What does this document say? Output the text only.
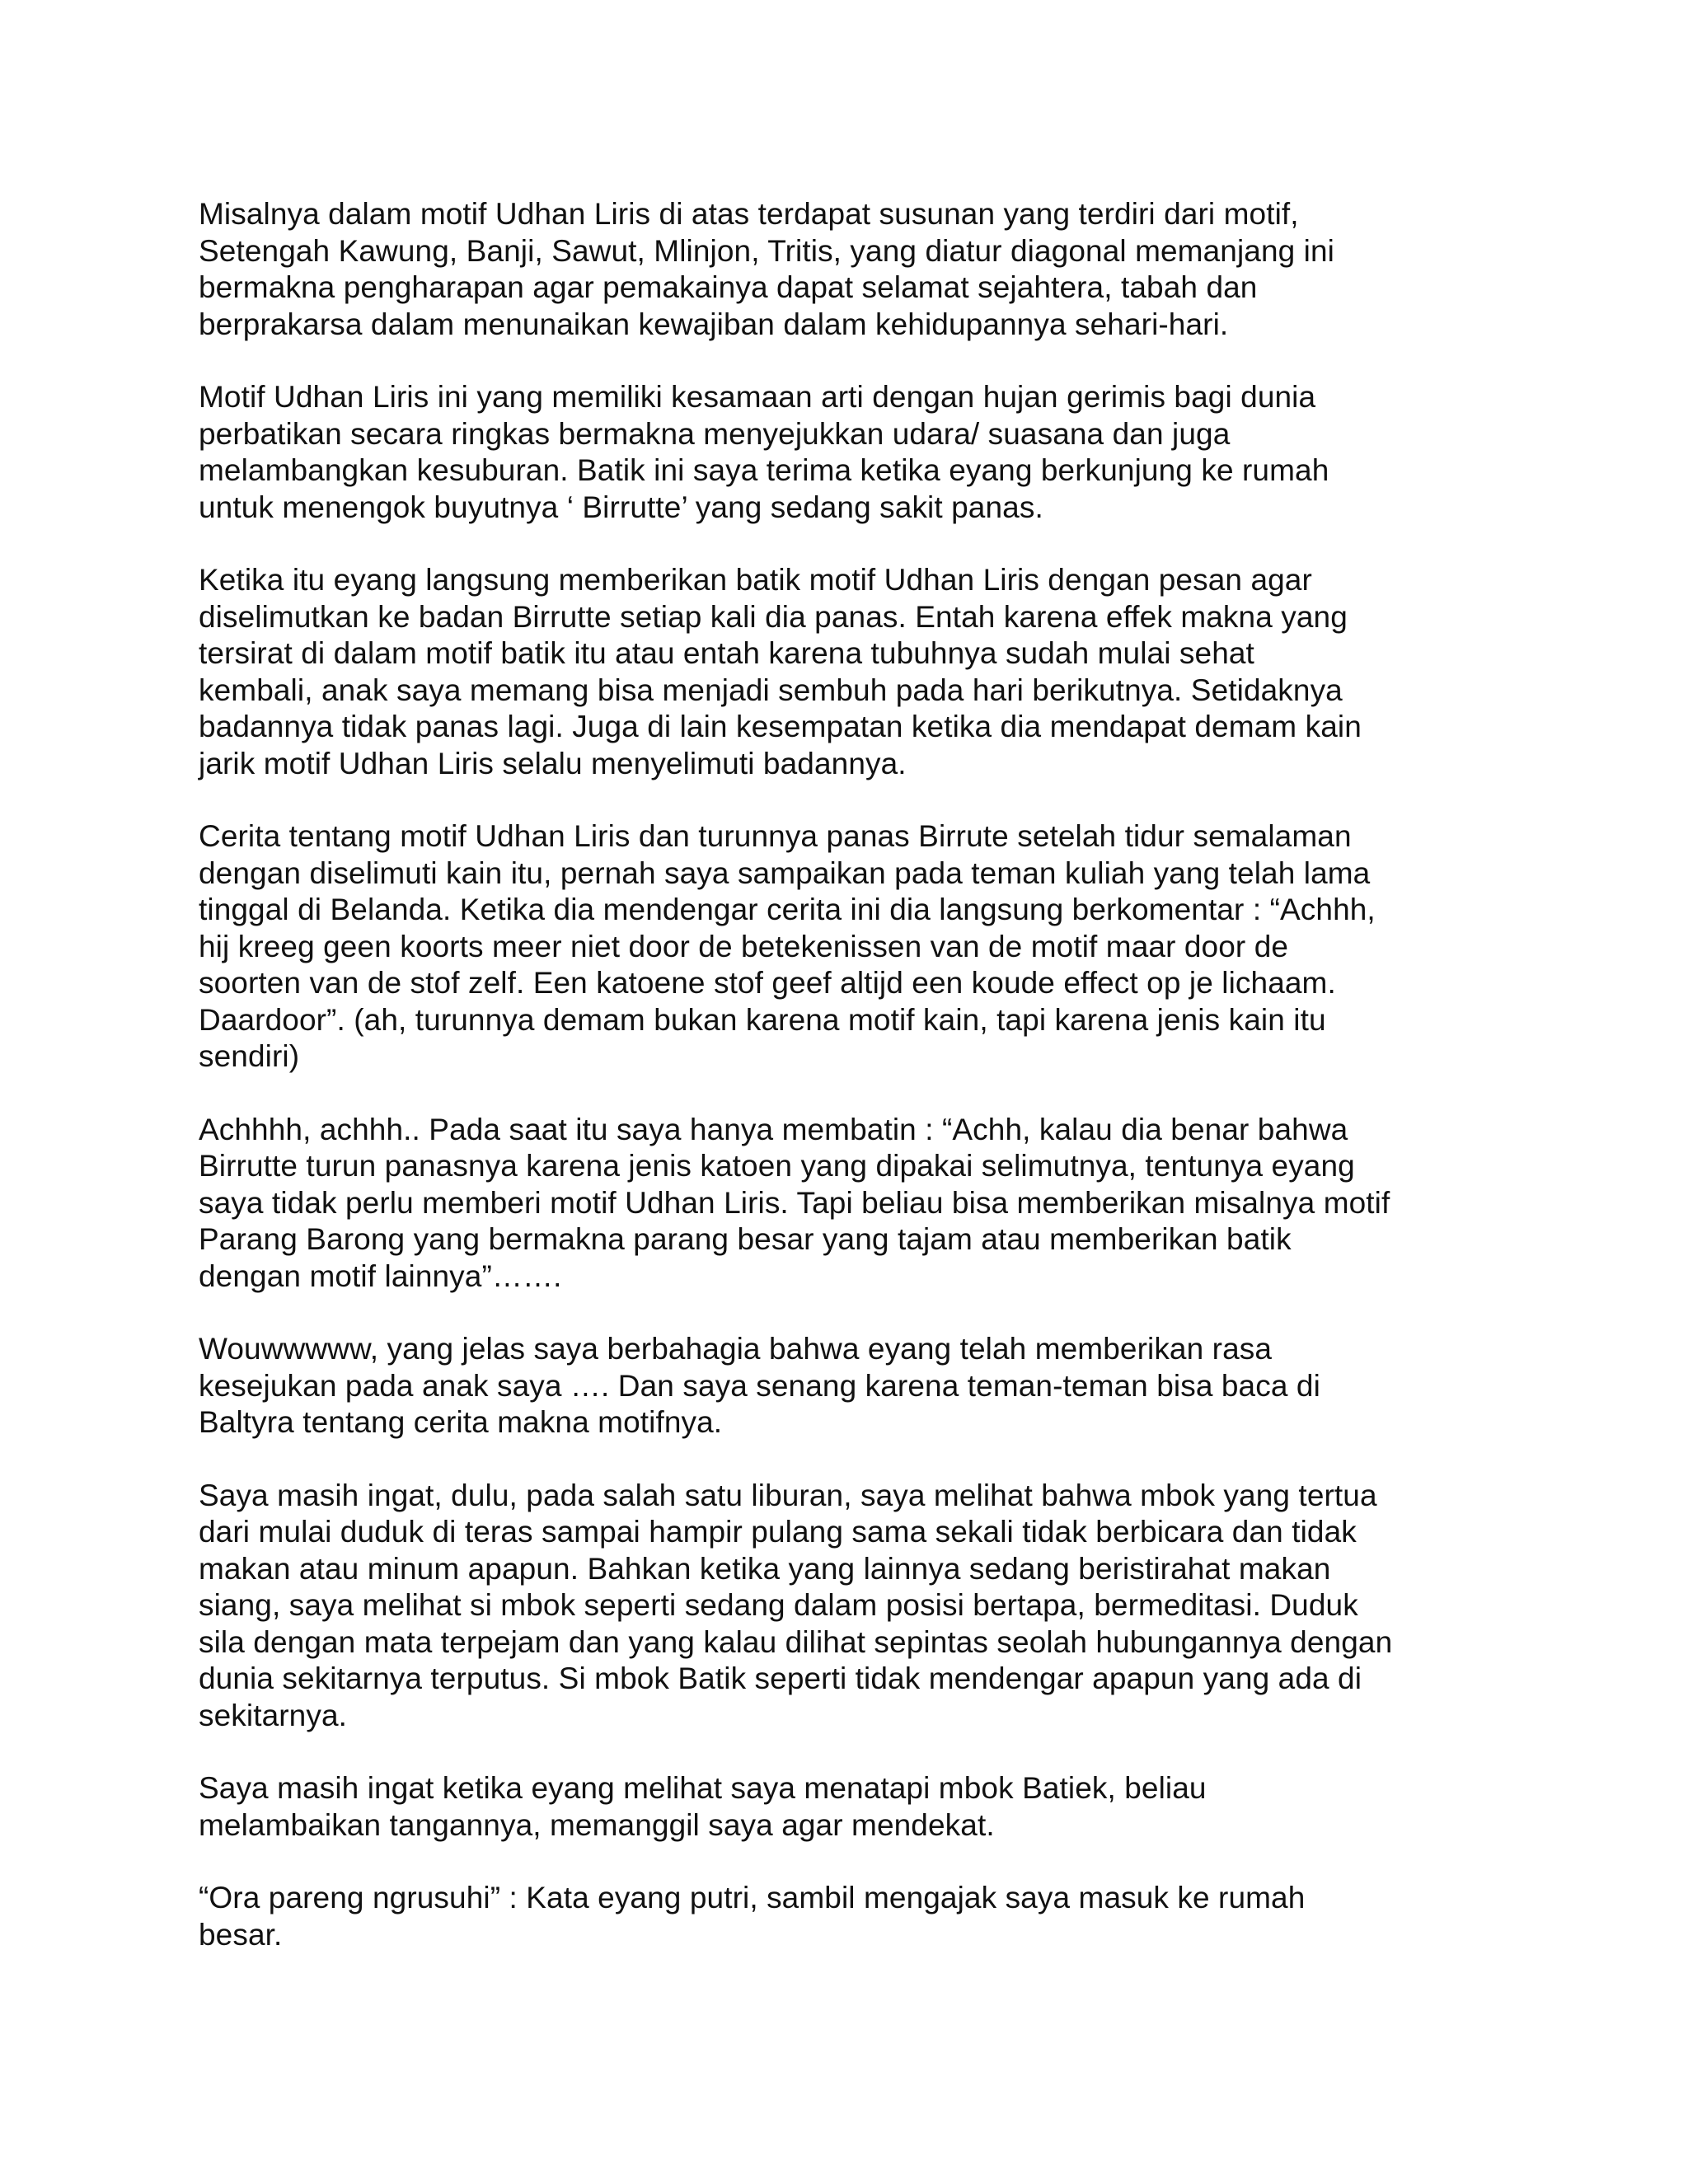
Misalnya dalam motif Udhan Liris di atas terdapat susunan yang terdiri dari motif,
Setengah Kawung, Banji, Sawut, Mlinjon, Tritis, yang diatur diagonal memanjang ini
bermakna pengharapan agar pemakainya dapat selamat sejahtera, tabah dan
berprakarsa dalam menunaikan kewajiban dalam kehidupannya sehari-hari.

Motif Udhan Liris ini yang memiliki kesamaan arti dengan hujan gerimis bagi dunia
perbatikan secara ringkas bermakna menyejukkan udara/ suasana dan juga
melambangkan kesuburan. Batik ini saya terima ketika eyang berkunjung ke rumah
untuk menengok buyutnya ‘ Birrutte’ yang sedang sakit panas.

Ketika itu eyang langsung memberikan batik motif Udhan Liris dengan pesan agar
diselimutkan ke badan Birrutte setiap kali dia panas. Entah karena effek makna yang
tersirat di dalam motif batik itu atau entah karena tubuhnya sudah mulai sehat
kembali, anak saya memang bisa menjadi sembuh pada hari berikutnya. Setidaknya
badannya tidak panas lagi. Juga di lain kesempatan ketika dia mendapat demam kain
jarik motif Udhan Liris selalu menyelimuti badannya.

Cerita tentang motif Udhan Liris dan turunnya panas Birrute setelah tidur semalaman
dengan diselimuti kain itu, pernah saya sampaikan pada teman kuliah yang telah lama
tinggal di Belanda. Ketika dia mendengar cerita ini dia langsung berkomentar : “Achhh,
hij kreeg geen koorts meer niet door de betekenissen van de motif maar door de
soorten van de stof zelf. Een katoene stof geef altijd een koude effect op je lichaam.
Daardoor”. (ah, turunnya demam bukan karena motif kain, tapi karena jenis kain itu
sendiri)

Achhhh, achhh.. Pada saat itu saya hanya membatin : “Achh, kalau dia benar bahwa
Birrutte turun panasnya karena jenis katoen yang dipakai selimutnya, tentunya eyang
saya tidak perlu memberi motif Udhan Liris. Tapi beliau bisa memberikan misalnya motif
Parang Barong yang bermakna parang besar yang tajam atau memberikan batik
dengan motif lainnya”…….

Wouwwwww, yang jelas saya berbahagia bahwa eyang telah memberikan rasa
kesejukan pada anak saya …. Dan saya senang karena teman-teman bisa baca di
Baltyra tentang cerita makna motifnya.

Saya masih ingat, dulu, pada salah satu liburan, saya melihat bahwa mbok yang tertua
dari mulai duduk di teras sampai hampir pulang sama sekali tidak berbicara dan tidak
makan atau minum apapun. Bahkan ketika yang lainnya sedang beristirahat makan
siang, saya melihat si mbok seperti sedang dalam posisi bertapa, bermeditasi. Duduk
sila dengan mata terpejam dan yang kalau dilihat sepintas seolah hubungannya dengan
dunia sekitarnya terputus. Si mbok Batik seperti tidak mendengar apapun yang ada di
sekitarnya.

Saya masih ingat ketika eyang melihat saya menatapi mbok Batiek, beliau
melambaikan tangannya, memanggil saya agar mendekat.

“Ora pareng ngrusuhi” : Kata eyang putri, sambil mengajak saya masuk ke rumah
besar.
